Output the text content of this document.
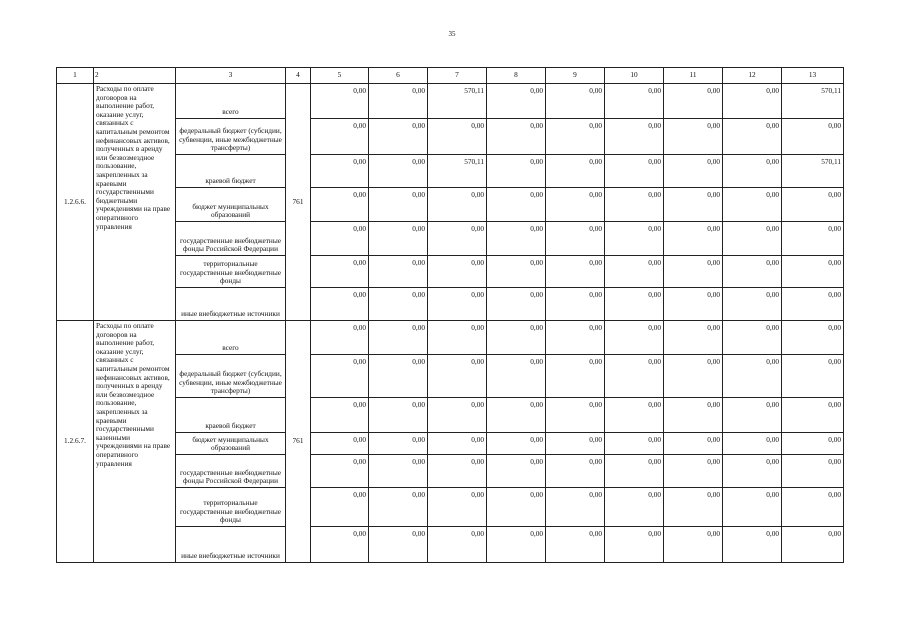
35
1	2	3	4	5	6	7	8	9	10	11	12	13
1.2.6.6.	Расходы по оплате договоров на выполнение работ, оказание услуг, связанных с капитальным ремонтом нефинансовых активов, полученных в аренду или безвозмездное пользование, закрепленных за краевыми государственными бюджетными учреждениями на праве оперативного управления	всего	761	0,00	0,00	570,11	0,00	0,00	0,00	0,00	0,00	570,11
		федеральный бюджет (субсидии, субвенции, иные межбюджетные трансферты)		0,00	0,00	0,00	0,00	0,00	0,00	0,00	0,00	0,00
		краевой бюджет		0,00	0,00	570,11	0,00	0,00	0,00	0,00	0,00	570,11
		бюджет муниципальных образований		0,00	0,00	0,00	0,00	0,00	0,00	0,00	0,00	0,00
		государственные внебюджетные фонды Российской Федерации		0,00	0,00	0,00	0,00	0,00	0,00	0,00	0,00	0,00
		территориальные государственные внебюджетные фонды		0,00	0,00	0,00	0,00	0,00	0,00	0,00	0,00	0,00
		иные внебюджетные источники		0,00	0,00	0,00	0,00	0,00	0,00	0,00	0,00	0,00
1.2.6.7.	Расходы по оплате договоров на выполнение работ, оказание услуг, связанных с капитальным ремонтом нефинансовых активов, полученных в аренду или безвозмездное пользование, закрепленных за краевыми государственными казенными учреждениями на праве оперативного управления	всего	761	0,00	0,00	0,00	0,00	0,00	0,00	0,00	0,00	0,00
		федеральный бюджет (субсидии, субвенции, иные межбюджетные трансферты)		0,00	0,00	0,00	0,00	0,00	0,00	0,00	0,00	0,00
		краевой бюджет		0,00	0,00	0,00	0,00	0,00	0,00	0,00	0,00	0,00
		бюджет муниципальных образований		0,00	0,00	0,00	0,00	0,00	0,00	0,00	0,00	0,00
		государственные внебюджетные фонды Российской Федерации		0,00	0,00	0,00	0,00	0,00	0,00	0,00	0,00	0,00
		территориальные государственные внебюджетные фонды		0,00	0,00	0,00	0,00	0,00	0,00	0,00	0,00	0,00
		иные внебюджетные источники		0,00	0,00	0,00	0,00	0,00	0,00	0,00	0,00	0,00
